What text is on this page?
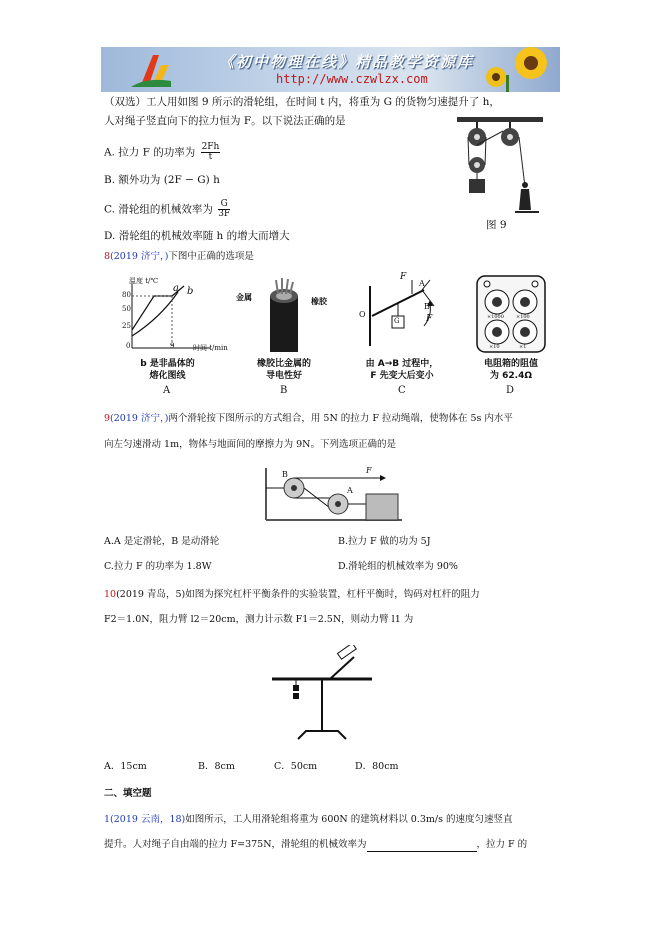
《初中物理在线》精品教学资源库
http://www.czwlzx.com
（双选）工人用如图 9 所示的滑轮组，在时间 t 内，将重为 G 的货物匀速提升了 h，
人对绳子竖直向下的拉力恒为 F。以下说法正确的是
A. 拉力 F 的功率为 $\frac{2Fh}{t}$
B. 额外功为 (2F − G) h
C. 滑轮组的机械效率为 $\frac{G}{3F}$
D. 滑轮组的机械效率随 h 的增大而增大
图 9
8(2019 济宁，)下图中正确的选项是
温度 t/℃
时间 t/min
80
50
25
0	9
a b
b 是非晶体的
熔化图线
A
金属	橡胶
橡胶比金属的
导电性好
B
F
F
A
B
O
G
由 A→B 过程中，
F 先变大后变小
C
×1000 ×100
×10	×1
电阻箱的阻值
为 62.4Ω
D
9(2019 济宁，)两个滑轮按下图所示的方式组合，用 5N 的拉力 F 拉动绳端，使物体在 5s 内水平
向左匀速滑动 1m，物体与地面间的摩擦力为 9N。下列选项正确的是
B
A
F
A.A 是定滑轮，B 是动滑轮	B.拉力 F 做的功为 5J
C.拉力 F 的功率为 1.8W	D.滑轮组的机械效率为 90%
10(2019 青岛，5)如图为探究杠杆平衡条件的实验装置，杠杆平衡时，钩码对杠杆的阻力
F2＝1.0N，阻力臂 l2＝20cm，测力计示数 F1＝2.5N，则动力臂 l1 为
A．15cm	B．8cm	C．50cm	D．80cm
二、填空题
1(2019 云南，18)如图所示，工人用滑轮组将重为 600N 的建筑材料以 0.3m/s 的速度匀速竖直
提升。人对绳子自由端的拉力 F=375N，滑轮组的机械效率为	，拉力 F 的
